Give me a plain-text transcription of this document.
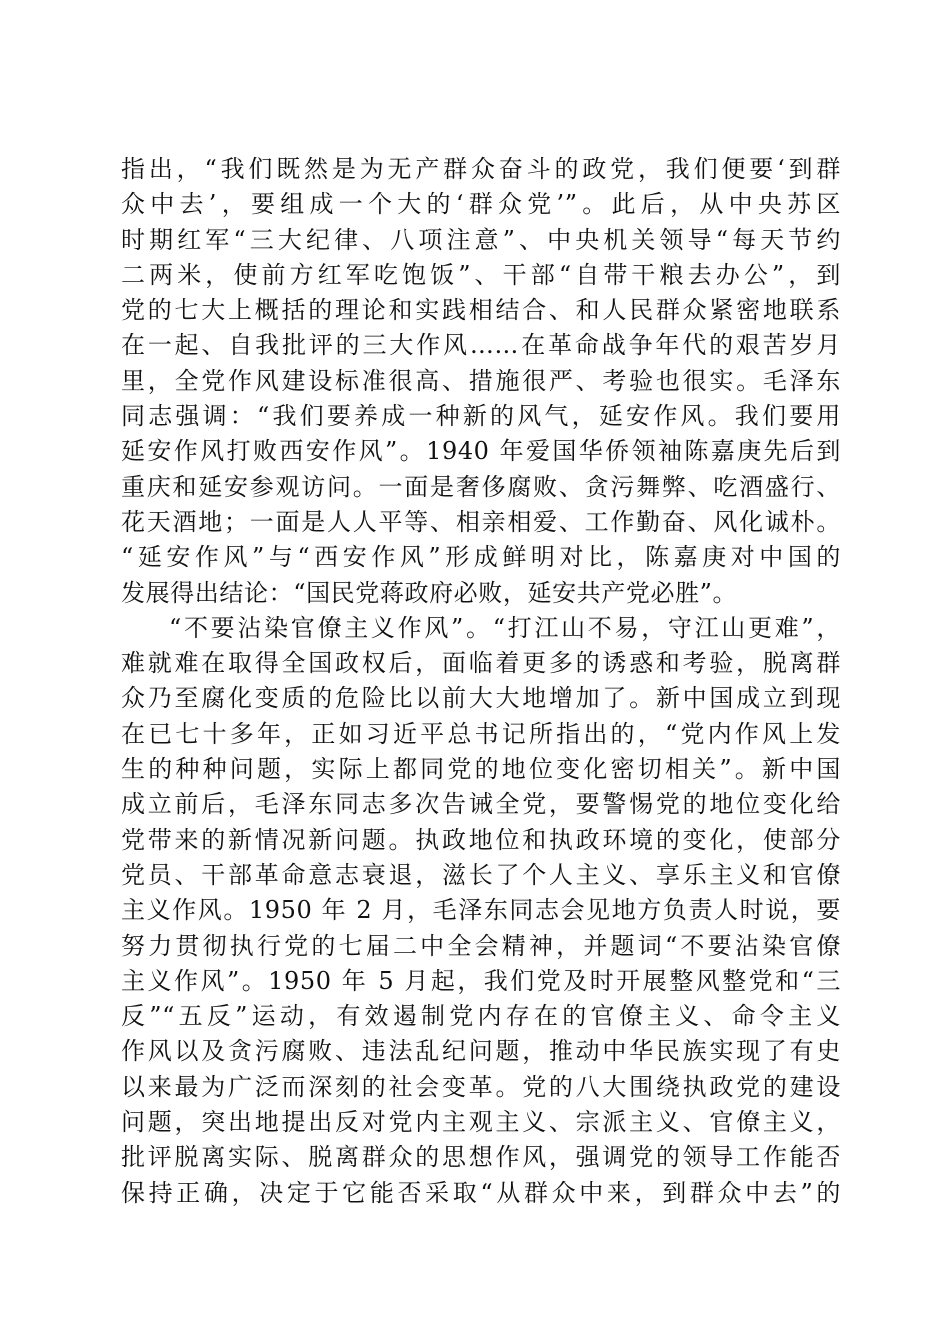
指出，“我们既然是为无产群众奋斗的政党，我们便要‘到群
众中去’，要组成一个大的‘群众党’”。此后，从中央苏区
时期红军“三大纪律、八项注意”、中央机关领导“每天节约
二两米，使前方红军吃饱饭”、干部“自带干粮去办公”，到
党的七大上概括的理论和实践相结合、和人民群众紧密地联系
在一起、自我批评的三大作风……在革命战争年代的艰苦岁月
里，全党作风建设标准很高、措施很严、考验也很实。毛泽东
同志强调：“我们要养成一种新的风气，延安作风。我们要用
延安作风打败西安作风”。1940 年爱国华侨领袖陈嘉庚先后到
重庆和延安参观访问。一面是奢侈腐败、贪污舞弊、吃酒盛行、
花天酒地；一面是人人平等、相亲相爱、工作勤奋、风化诚朴。
“延安作风”与“西安作风”形成鲜明对比，陈嘉庚对中国的
发展得出结论：“国民党蒋政府必败，延安共产党必胜”。
“不要沾染官僚主义作风”。“打江山不易，守江山更难”，
难就难在取得全国政权后，面临着更多的诱惑和考验，脱离群
众乃至腐化变质的危险比以前大大地增加了。新中国成立到现
在已七十多年，正如习近平总书记所指出的，“党内作风上发
生的种种问题，实际上都同党的地位变化密切相关”。新中国
成立前后，毛泽东同志多次告诫全党，要警惕党的地位变化给
党带来的新情况新问题。执政地位和执政环境的变化，使部分
党员、干部革命意志衰退，滋长了个人主义、享乐主义和官僚
主义作风。1950 年 2 月，毛泽东同志会见地方负责人时说，要
努力贯彻执行党的七届二中全会精神，并题词“不要沾染官僚
主义作风”。1950 年 5 月起，我们党及时开展整风整党和“三
反”“五反”运动，有效遏制党内存在的官僚主义、命令主义
作风以及贪污腐败、违法乱纪问题，推动中华民族实现了有史
以来最为广泛而深刻的社会变革。党的八大围绕执政党的建设
问题，突出地提出反对党内主观主义、宗派主义、官僚主义，
批评脱离实际、脱离群众的思想作风，强调党的领导工作能否
保持正确，决定于它能否采取“从群众中来，到群众中去”的
